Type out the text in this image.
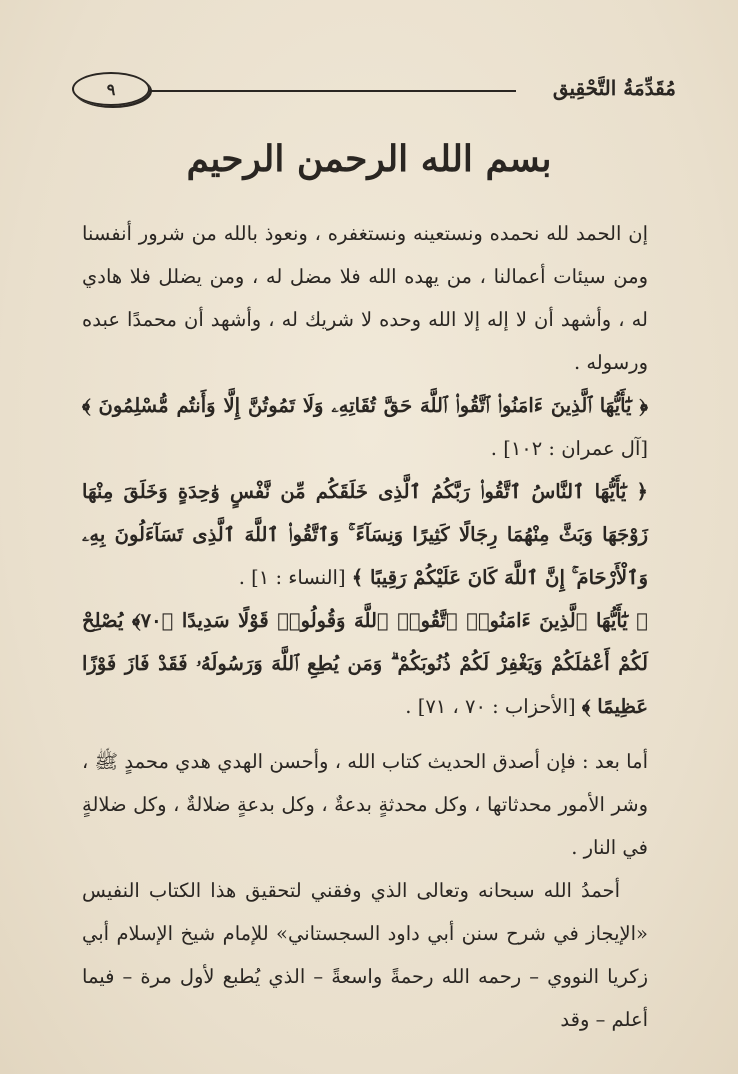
مُقَدِّمَةُ التَّحْقِيق
٩
بسم الله الرحمن الرحيم

إن الحمد لله نحمده ونستعينه ونستغفره ، ونعوذ بالله من شرور أنفسنا ومن سيئات أعمالنا ، من يهده الله فلا مضل له ، ومن يضلل فلا هادي له ، وأشهد أن لا إله إلا الله وحده لا شريك له ، وأشهد أن محمدًا عبده ورسوله .

﴿ يَٰٓأَيُّهَا ٱلَّذِينَ ءَامَنُوا۟ ٱتَّقُوا۟ ٱللَّهَ حَقَّ تُقَاتِهِۦ وَلَا تَمُوتُنَّ إِلَّا وَأَنتُم مُّسْلِمُونَ ﴾ [آل عمران : ١٠٢] .

﴿ يَٰٓأَيُّهَا ٱلنَّاسُ ٱتَّقُوا۟ رَبَّكُمُ ٱلَّذِى خَلَقَكُم مِّن نَّفْسٍ وَٰحِدَةٍ وَخَلَقَ مِنْهَا زَوْجَهَا وَبَثَّ مِنْهُمَا رِجَالًا كَثِيرًا وَنِسَآءً ۚ وَٱتَّقُوا۟ ٱللَّهَ ٱلَّذِى تَسَآءَلُونَ بِهِۦ وَٱلْأَرْحَامَ ۚ إِنَّ ٱللَّهَ كَانَ عَلَيْكُمْ رَقِيبًا ﴾ [النساء : ١] .

﴿ يَٰٓأَيُّهَا ٱلَّذِينَ ءَامَنُوا۟ ٱتَّقُوا۟ ٱللَّهَ وَقُولُوا۟ قَوْلًا سَدِيدًا ﴿٧٠﴾ يُصْلِحْ لَكُمْ أَعْمَٰلَكُمْ وَيَغْفِرْ لَكُمْ ذُنُوبَكُمْ ۗ وَمَن يُطِعِ ٱللَّهَ وَرَسُولَهُۥ فَقَدْ فَازَ فَوْزًا عَظِيمًا ﴾ [الأحزاب : ٧٠ ، ٧١] .

أما بعد : فإن أصدق الحديث كتاب الله ، وأحسن الهدي هدي محمدٍ ﷺ ، وشر الأمور محدثاتها ، وكل محدثةٍ بدعةٌ ، وكل بدعةٍ ضلالةٌ ، وكل ضلالةٍ في النار .

أحمدُ الله سبحانه وتعالى الذي وفقني لتحقيق هذا الكتاب النفيس «الإيجاز في شرح سنن أبي داود السجستاني» للإمام شيخ الإسلام أبي زكريا النووي – رحمه الله رحمةً واسعةً – الذي يُطبع لأول مرة – فيما أعلم – وقد
